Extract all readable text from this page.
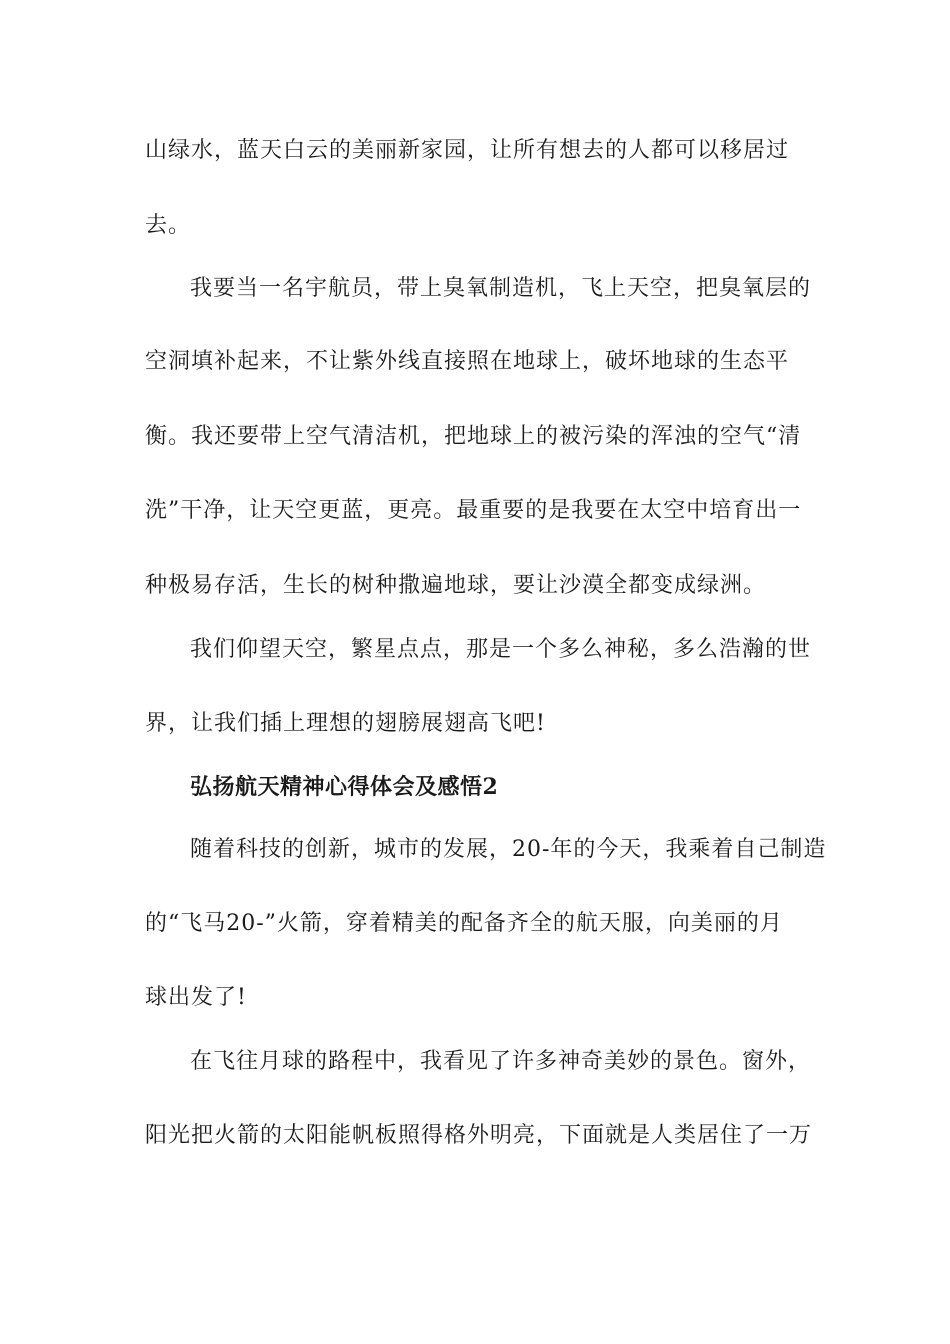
山绿水，蓝天白云的美丽新家园，让所有想去的人都可以移居过
去。
我要当一名宇航员，带上臭氧制造机，飞上天空，把臭氧层的
空洞填补起来，不让紫外线直接照在地球上，破坏地球的生态平
衡。我还要带上空气清洁机，把地球上的被污染的浑浊的空气“清
洗”干净，让天空更蓝，更亮。最重要的是我要在太空中培育出一
种极易存活，生长的树种撒遍地球，要让沙漠全都变成绿洲。
我们仰望天空，繁星点点，那是一个多么神秘，多么浩瀚的世
界，让我们插上理想的翅膀展翅高飞吧!
弘扬航天精神心得体会及感悟2
随着科技的创新，城市的发展，20-年的今天，我乘着自己制造
的“飞马20-”火箭，穿着精美的配备齐全的航天服，向美丽的月
球出发了!
在飞往月球的路程中，我看见了许多神奇美妙的景色。窗外，
阳光把火箭的太阳能帆板照得格外明亮，下面就是人类居住了一万
